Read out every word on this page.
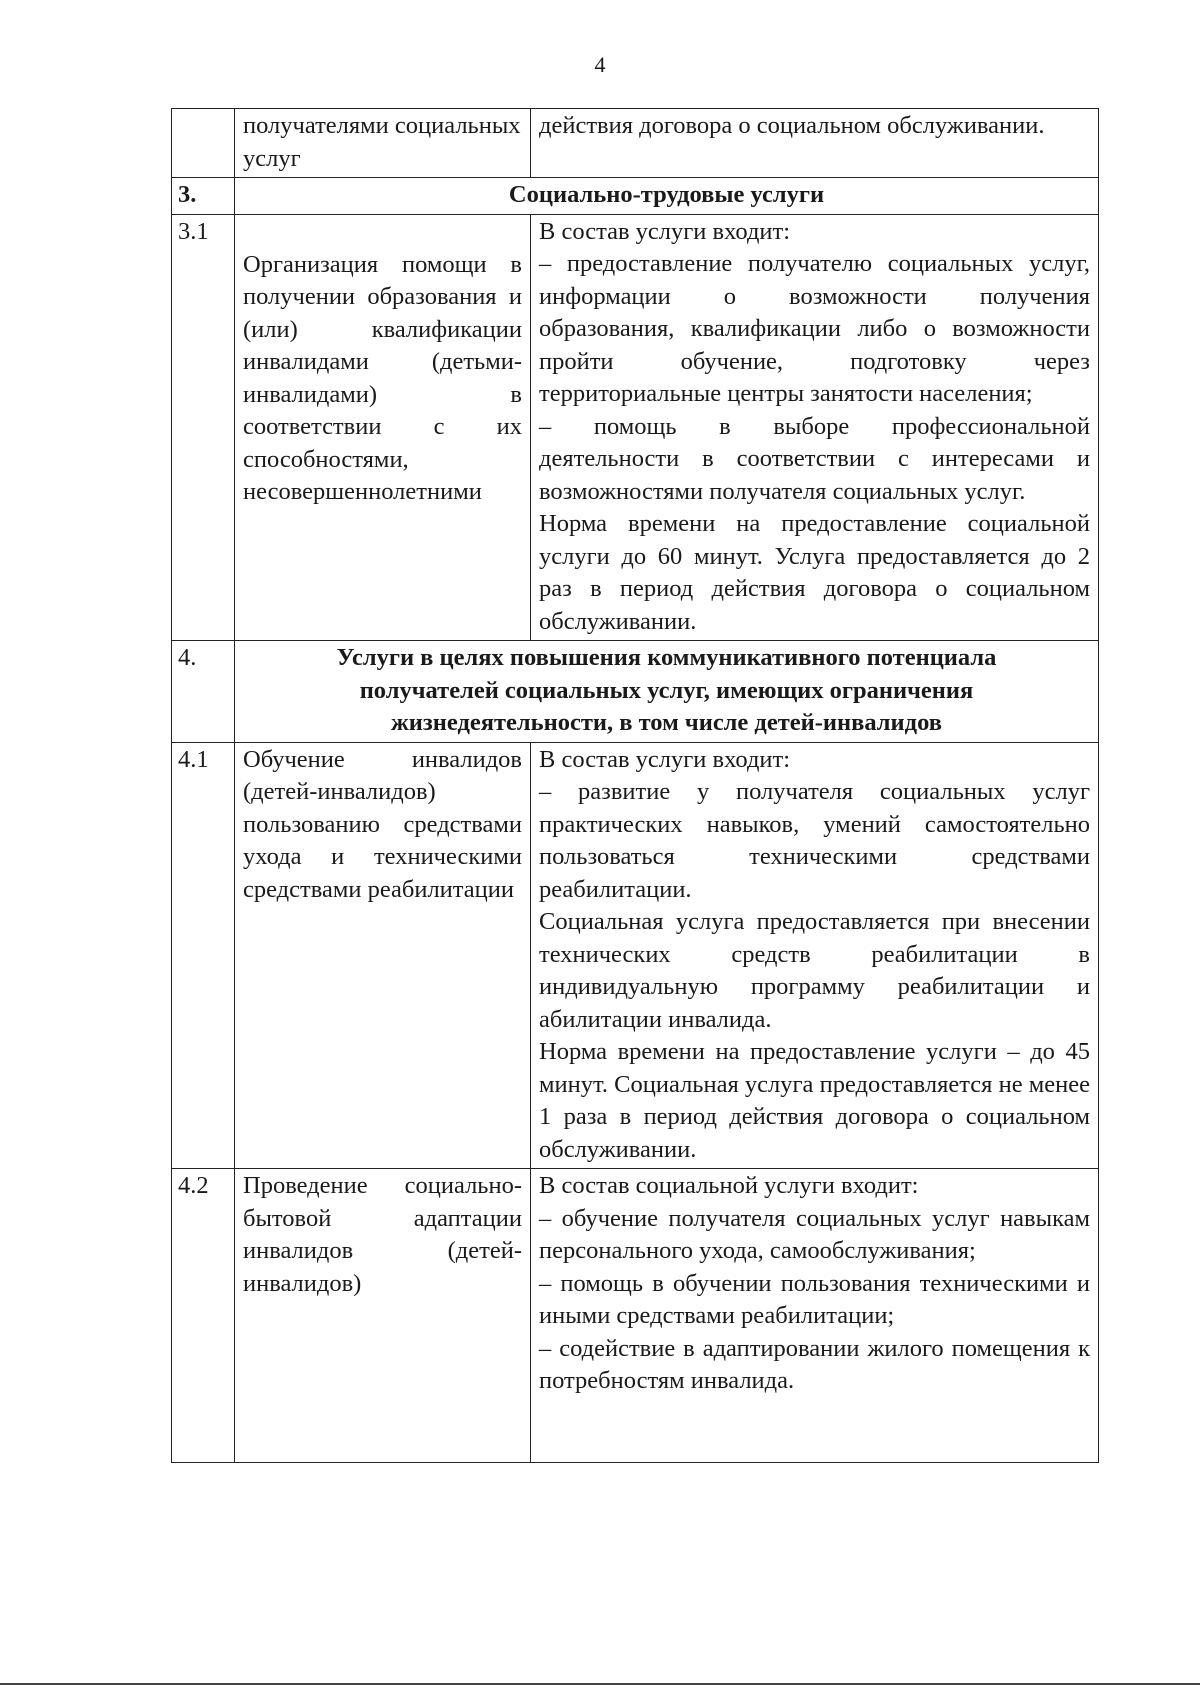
4
	получателями социальных услуг	действия договора о социальном обслуживании.
3.	Социально-трудовые услуги	
3.1	Организация помощи в получении образования и (или) квалификации инвалидами (детьми-инвалидами) в соответствии с их способностями, несовершеннолетними	В состав услуги входит:
– предоставление получателю социальных услуг, информации о возможности получения образования, квалификации либо о возможности пройти обучение, подготовку через территориальные центры занятости населения;
– помощь в выборе профессиональной деятельности в соответствии с интересами и возможностями получателя социальных услуг.
Норма времени на предоставление социальной услуги до 60 минут. Услуга предоставляется до 2 раз в период действия договора о социальном обслуживании.

4.	Услуги в целях повышения коммуникативного потенциала получателей социальных услуг, имеющих ограничения жизнедеятельности, в том числе детей-инвалидов	
4.1	Обучение инвалидов (детей-инвалидов) пользованию средствами ухода и техническими средствами реабилитации	В состав услуги входит:
– развитие у получателя социальных услуг практических навыков, умений самостоятельно пользоваться техническими средствами реабилитации.
Социальная услуга предоставляется при внесении технических средств реабилитации в индивидуальную программу реабилитации и абилитации инвалида.
Норма времени на предоставление услуги – до 45 минут. Социальная услуга предоставляется не менее 1 раза в период действия договора о социальном обслуживании.

4.2	Проведение социально-бытовой адаптации инвалидов (детей-инвалидов)	В состав социальной услуги входит:
– обучение получателя социальных услуг навыкам персонального ухода, самообслуживания;
– помощь в обучении пользования техническими и иными средствами реабилитации;
– содействие в адаптировании жилого помещения к потребностям инвалида.
